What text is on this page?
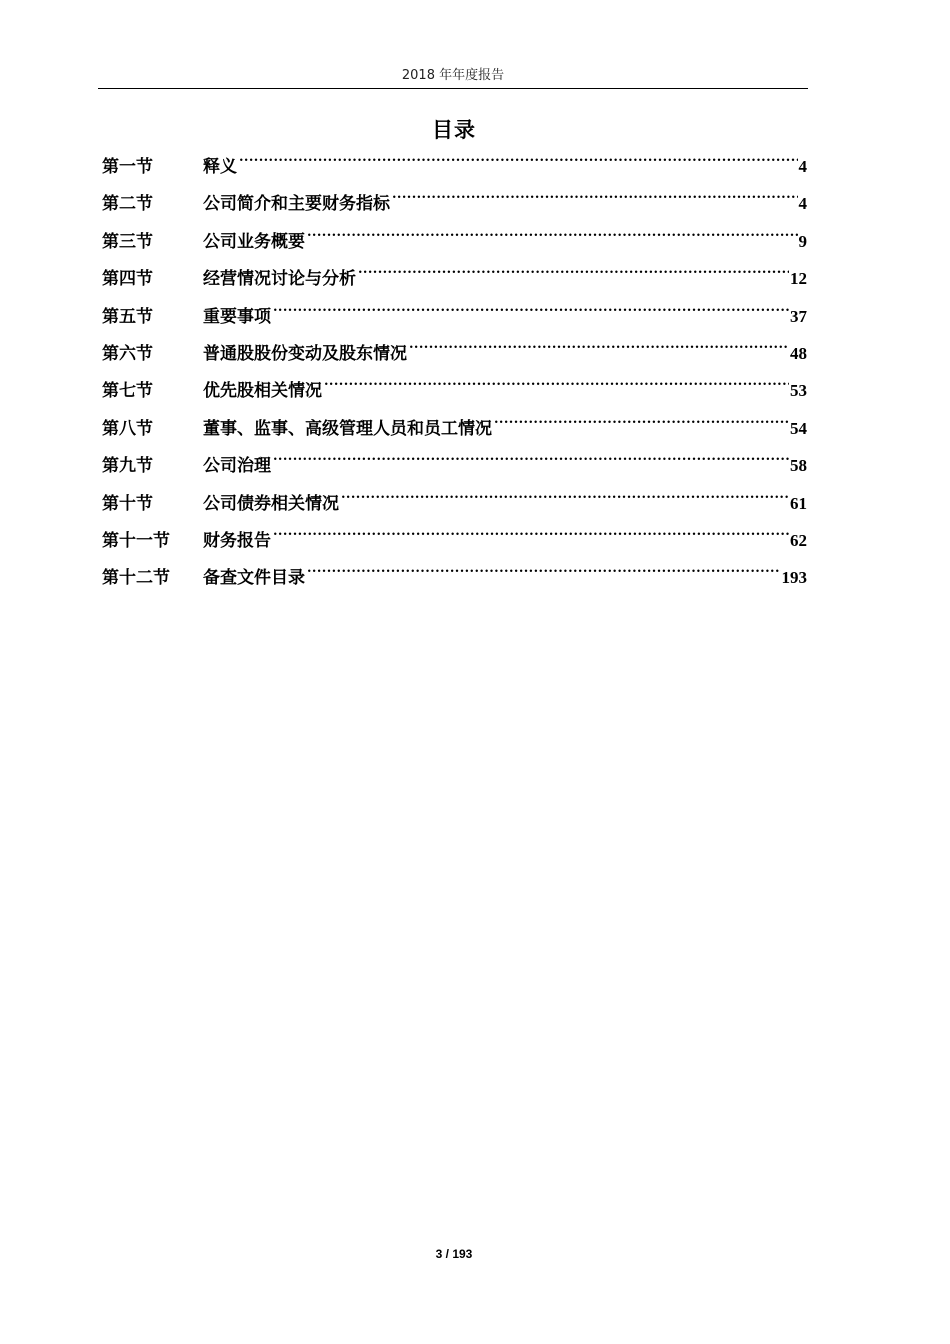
2018 年年度报告
目录
第一节	释义 .....	4
第二节	公司简介和主要财务指标 .....	4
第三节	公司业务概要 .....	9
第四节	经营情况讨论与分析 .....	12
第五节	重要事项 .....	37
第六节	普通股股份变动及股东情况 .....	48
第七节	优先股相关情况 .....	53
第八节	董事、监事、高级管理人员和员工情况 .....	54
第九节	公司治理 .....	58
第十节	公司债券相关情况 .....	61
第十一节	财务报告 .....	62
第十二节	备查文件目录 .....	193
3 / 193
